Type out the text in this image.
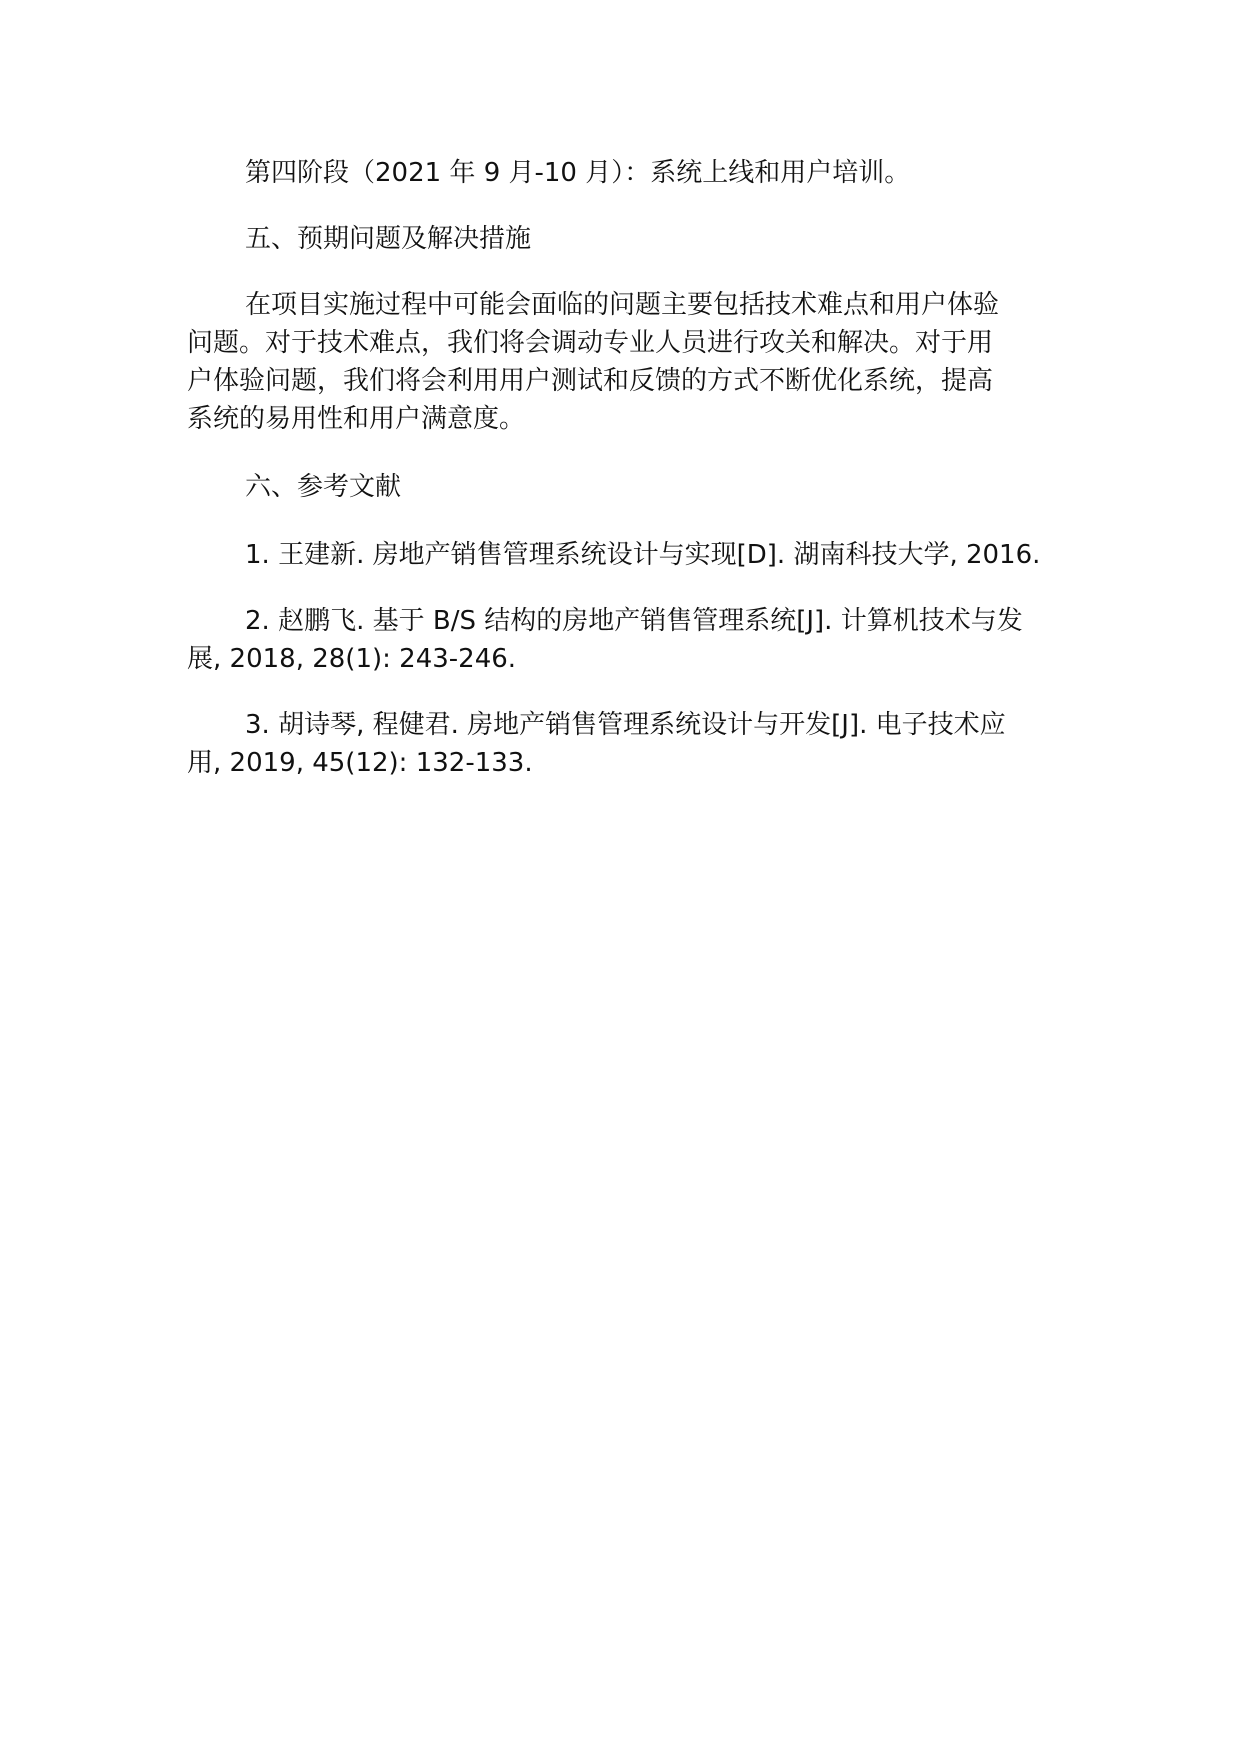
第四阶段（2021 年 9 月-10 月）：系统上线和用户培训。

五、预期问题及解决措施

在项目实施过程中可能会面临的问题主要包括技术难点和用户体验

问题。对于技术难点，我们将会调动专业人员进行攻关和解决。对于用

户体验问题，我们将会利用用户测试和反馈的方式不断优化系统，提高

系统的易用性和用户满意度。

六、参考文献

1. 王建新. 房地产销售管理系统设计与实现[D]. 湖南科技大学, 2016.

2. 赵鹏飞. 基于 B/S 结构的房地产销售管理系统[J]. 计算机技术与发

展, 2018, 28(1): 243-246.

3. 胡诗琴, 程健君. 房地产销售管理系统设计与开发[J]. 电子技术应

用, 2019, 45(12): 132-133.
